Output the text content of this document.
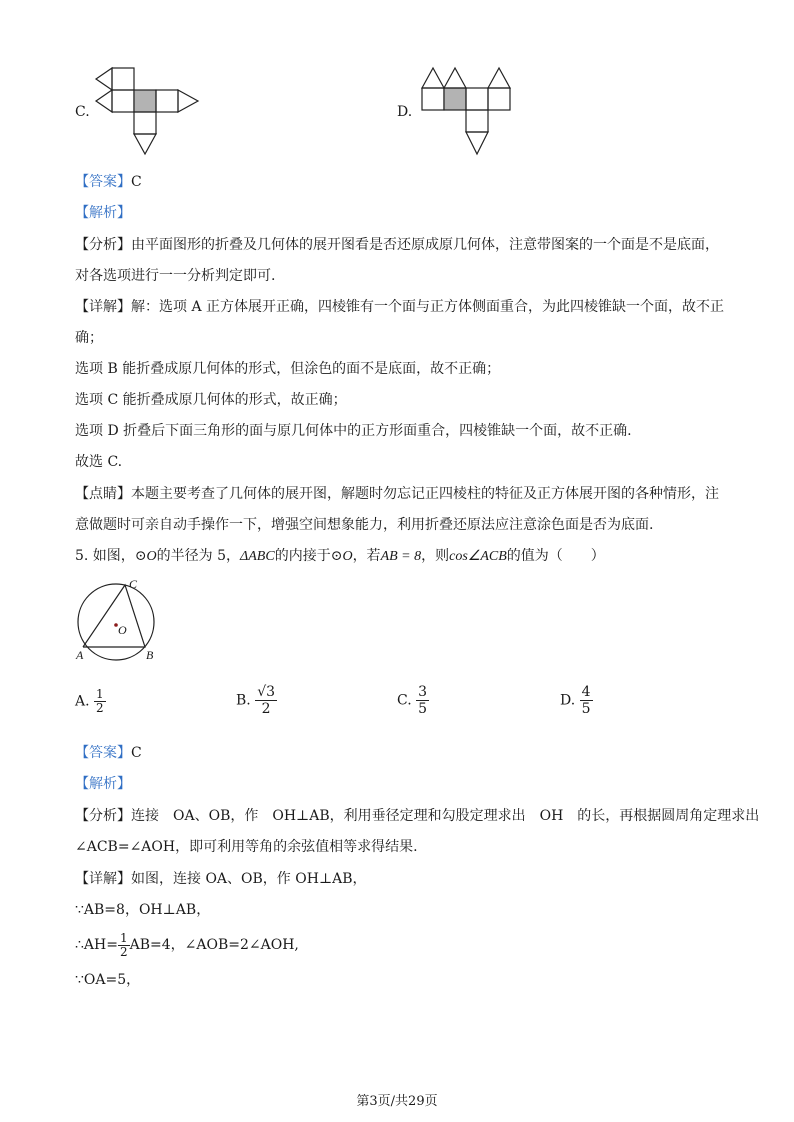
C.	D.
【答案】C
【解析】
【分析】由平面图形的折叠及几何体的展开图看是否还原成原几何体，注意带图案的一个面是不是底面，
对各选项进行一一分析判定即可.
【详解】解：选项 A 正方体展开正确，四棱锥有一个面与正方体侧面重合，为此四棱锥缺一个面，故不正
确；
选项 B 能折叠成原几何体的形式，但涂色的面不是底面，故不正确；
选项 C 能折叠成原几何体的形式，故正确；
选项 D 折叠后下面三角形的面与原几何体中的正方形面重合，四棱锥缺一个面，故不正确.
故选 C.
【点睛】本题主要考查了几何体的展开图，解题时勿忘记正四棱柱的特征及正方体展开图的各种情形，注
意做题时可亲自动手操作一下，增强空间想象能力，利用折叠还原法应注意涂色面是否为底面.
5. 如图，⊙O的半径为 5，ΔABC的内接于⊙O，若AB = 8，则cos∠ACB的值为（　　）
C
O
A	B
A. $\frac{1}{2}$	B. $\frac{√3}{2}$	C. $\frac{3}{5}$	D. $\frac{4}{5}$
【答案】C
【解析】
【分析】连接　OA、OB，作　OH⊥AB，利用垂径定理和勾股定理求出　OH　的长，再根据圆周角定理求出
∠ACB=∠AOH，即可利用等角的余弦值相等求得结果.
【详解】如图，连接 OA、OB，作 OH⊥AB，
∵AB=8，OH⊥AB，
∴AH= $\frac{1}{2} AB=4$，∠AOB=2∠AOH,
∵OA=5，
第3页/共29页
